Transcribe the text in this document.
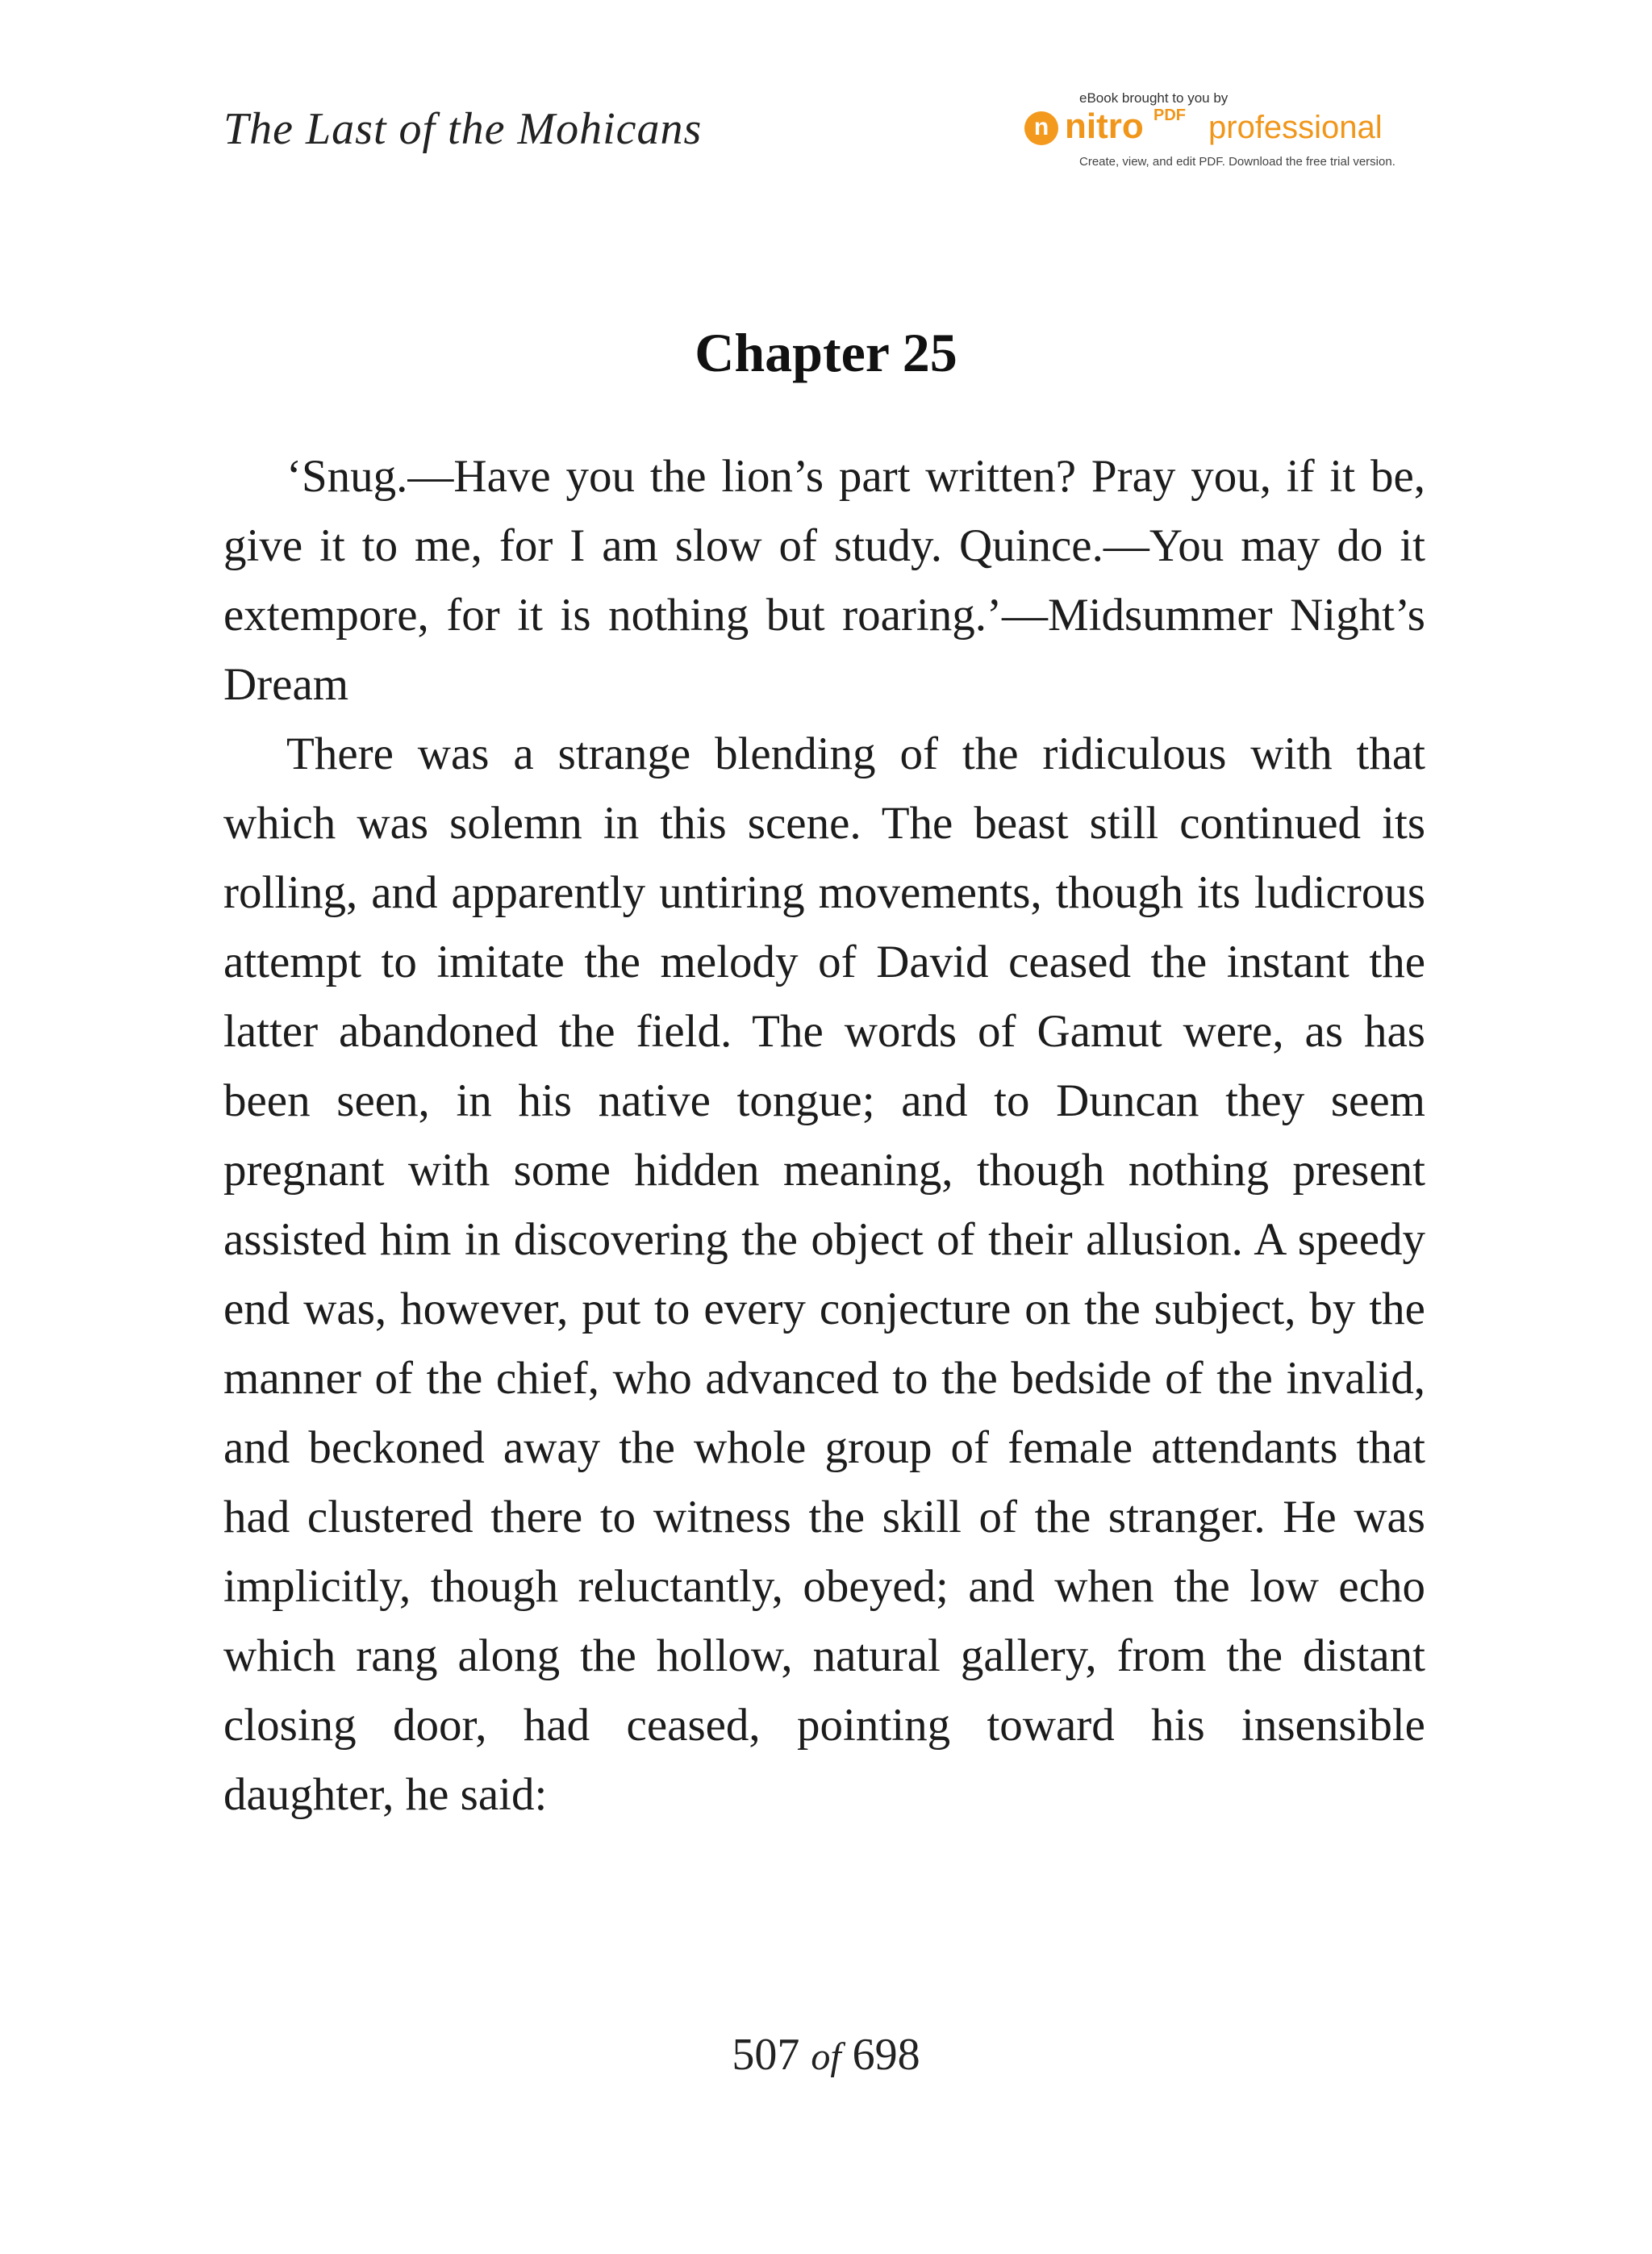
The Last of the Mohicans
eBook brought to you by
n nitro PDF professional
Create, view, and edit PDF. Download the free trial version.
Chapter 25

‘Snug.—Have you the lion’s part written? Pray you, if it be, give it to me, for I am slow of study. Quince.—You may do it extempore, for it is nothing but roaring.’—Midsummer Night’s Dream

There was a strange blending of the ridiculous with that which was solemn in this scene. The beast still continued its rolling, and apparently untiring movements, though its ludicrous attempt to imitate the melody of David ceased the instant the latter abandoned the field. The words of Gamut were, as has been seen, in his native tongue; and to Duncan they seem pregnant with some hidden meaning, though nothing present assisted him in discovering the object of their allusion. A speedy end was, however, put to every conjecture on the subject, by the manner of the chief, who advanced to the bedside of the invalid, and beckoned away the whole group of female attendants that had clustered there to witness the skill of the stranger. He was implicitly, though reluctantly, obeyed; and when the low echo which rang along the hollow, natural gallery, from the distant closing door, had ceased, pointing toward his insensible daughter, he said:

507 of 698
